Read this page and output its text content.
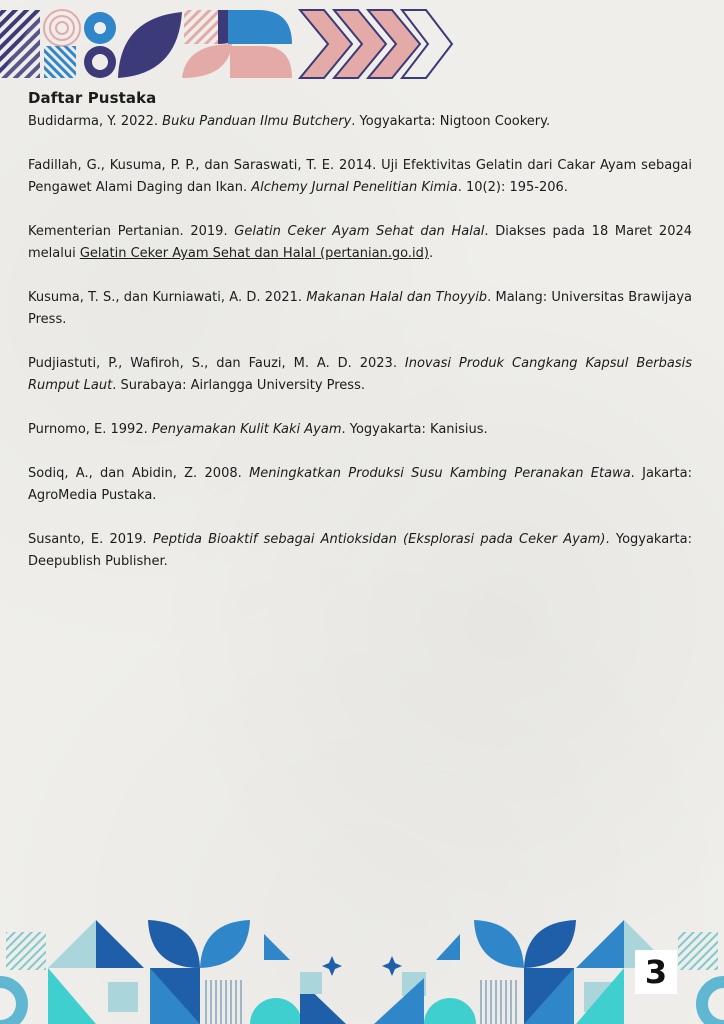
Daftar Pustaka

Budidarma, Y. 2022. Buku Panduan Ilmu Butchery. Yogyakarta: Nigtoon Cookery.

Fadillah, G., Kusuma, P. P., dan Saraswati, T. E. 2014. Uji Efektivitas Gelatin dari Cakar Ayam sebagai Pengawet Alami Daging dan Ikan. Alchemy Jurnal Penelitian Kimia. 10(2): 195-206.

Kementerian Pertanian. 2019. Gelatin Ceker Ayam Sehat dan Halal. Diakses pada 18 Maret 2024 melalui Gelatin Ceker Ayam Sehat dan Halal (pertanian.go.id).

Kusuma, T. S., dan Kurniawati, A. D. 2021. Makanan Halal dan Thoyyib. Malang: Universitas Brawijaya Press.

Pudjiastuti, P., Wafiroh, S., dan Fauzi, M. A. D. 2023. Inovasi Produk Cangkang Kapsul Berbasis Rumput Laut. Surabaya: Airlangga University Press.

Purnomo, E. 1992. Penyamakan Kulit Kaki Ayam. Yogyakarta: Kanisius.

Sodiq, A., dan Abidin, Z. 2008. Meningkatkan Produksi Susu Kambing Peranakan Etawa. Jakarta: AgroMedia Pustaka.

Susanto, E. 2019. Peptida Bioaktif sebagai Antioksidan (Eksplorasi pada Ceker Ayam). Yogyakarta: Deepublish Publisher.

3
